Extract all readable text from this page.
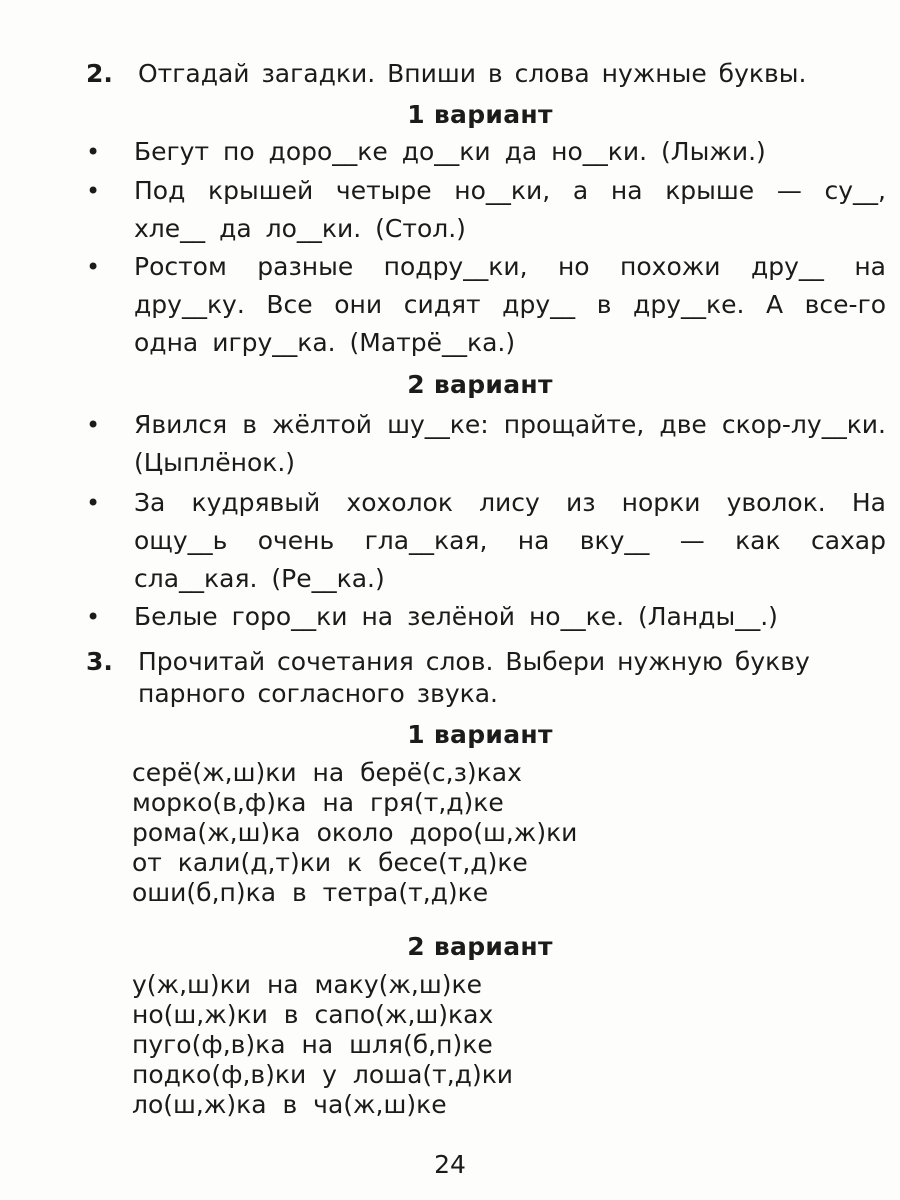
2.	Отгадай загадки. Впиши в слова нужные буквы.
1 вариант
•	Бегут по доро__ке до__ки да но__ки. (Лыжи.)
•	Под крышей четыре но__ки, а на крыше — су__, хле__ да ло__ки. (Стол.)
•	Ростом разные подру__ки, но похожи дру__ на дру__ку. Все они сидят дру__ в дру__ке. А все-го одна игру__ка. (Матрё__ка.)
2 вариант
•	Явился в жёлтой шу__ке: прощайте, две скор-лу__ки. (Цыплёнок.)
•	За кудрявый хохолок лису из норки уволок. На ощу__ь очень гла__кая, на вку__ — как сахар сла__кая. (Ре__ка.)
•	Белые горо__ки на зелёной но__ке. (Ланды__.)
3.	Прочитай сочетания слов. Выбери нужную букву парного согласного звука.
1 вариант
серё(ж,ш)ки на берё(с,з)ках
морко(в,ф)ка на гря(т,д)ке
рома(ж,ш)ка около доро(ш,ж)ки
от кали(д,т)ки к бесе(т,д)ке
оши(б,п)ка в тетра(т,д)ке
2 вариант
у(ж,ш)ки на маку(ж,ш)ке
но(ш,ж)ки в сапо(ж,ш)ках
пуго(ф,в)ка на шля(б,п)ке
подко(ф,в)ки у лоша(т,д)ки
ло(ш,ж)ка в ча(ж,ш)ке
24
